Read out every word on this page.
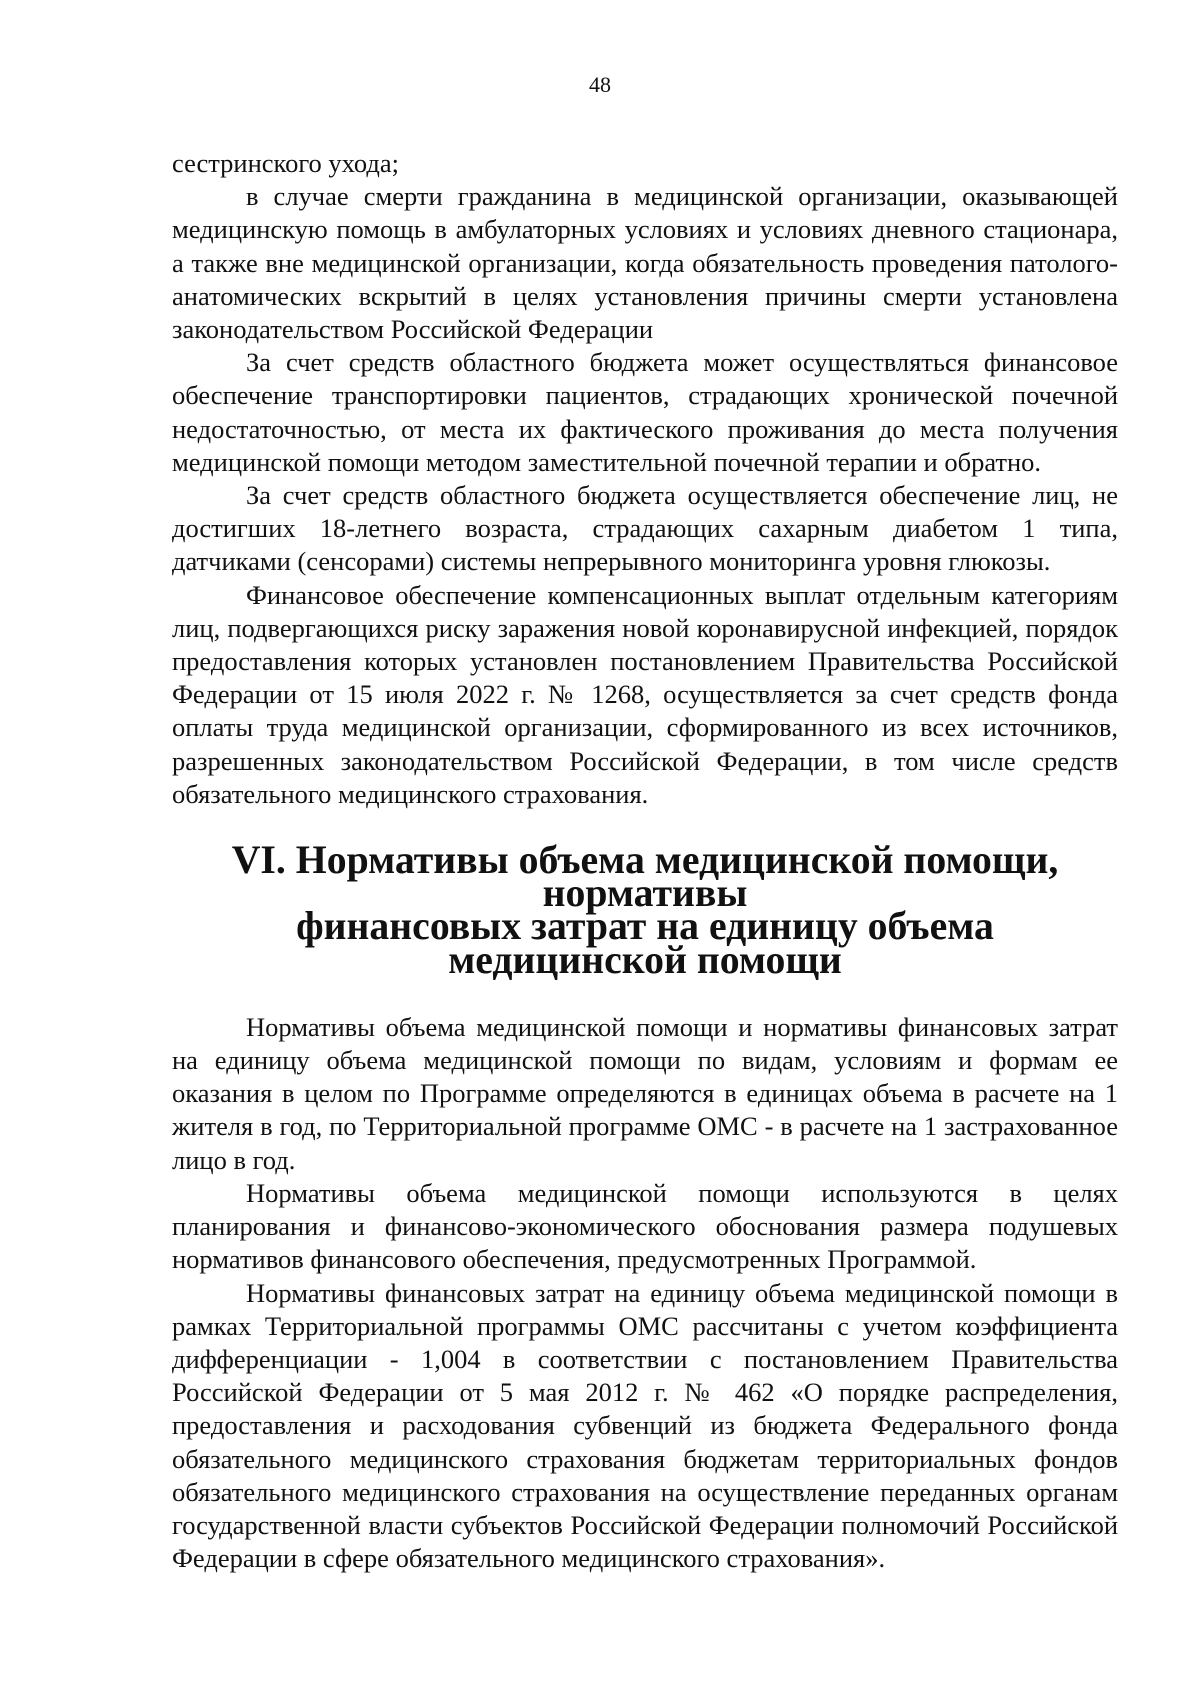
48

сестринского ухода;

в случае смерти гражданина в медицинской организации, оказывающей медицинскую помощь в амбулаторных условиях и условиях дневного стационара, а также вне медицинской организации, когда обязательность проведения патолого-анатомических вскрытий в целях установления причины смерти установлена законодательством Российской Федерации

За счет средств областного бюджета может осуществляться финансовое обеспечение транспортировки пациентов, страдающих хронической почечной недостаточностью, от места их фактического проживания до места получения медицинской помощи методом заместительной почечной терапии и обратно.

За счет средств областного бюджета осуществляется обеспечение лиц, не достигших 18-летнего возраста, страдающих сахарным диабетом 1 типа, датчиками (сенсорами) системы непрерывного мониторинга уровня глюкозы.

Финансовое обеспечение компенсационных выплат отдельным категориям лиц, подвергающихся риску заражения новой коронавирусной инфекцией, порядок предоставления которых установлен постановлением Правительства Российской Федерации от 15 июля 2022 г. № 1268, осуществляется за счет средств фонда оплаты труда медицинской организации, сформированного из всех источников, разрешенных законодательством Российской Федерации, в том числе средств обязательного медицинского страхования.

VI. Нормативы объема медицинской помощи, нормативы
финансовых затрат на единицу объема медицинской помощи

Нормативы объема медицинской помощи и нормативы финансовых затрат на единицу объема медицинской помощи по видам, условиям и формам ее оказания в целом по Программе определяются в единицах объема в расчете на 1 жителя в год, по Территориальной программе ОМС - в расчете на 1 застрахованное лицо в год.

Нормативы объема медицинской помощи используются в целях планирования и финансово-экономического обоснования размера подушевых нормативов финансового обеспечения, предусмотренных Программой.

Нормативы финансовых затрат на единицу объема медицинской помощи в рамках Территориальной программы ОМС рассчитаны с учетом коэффициента дифференциации - 1,004 в соответствии с постановлением Правительства Российской Федерации от 5 мая 2012 г. № 462 «О порядке распределения, предоставления и расходования субвенций из бюджета Федерального фонда обязательного медицинского страхования бюджетам территориальных фондов обязательного медицинского страхования на осуществление переданных органам государственной власти субъектов Российской Федерации полномочий Российской Федерации в сфере обязательного медицинского страхования».
